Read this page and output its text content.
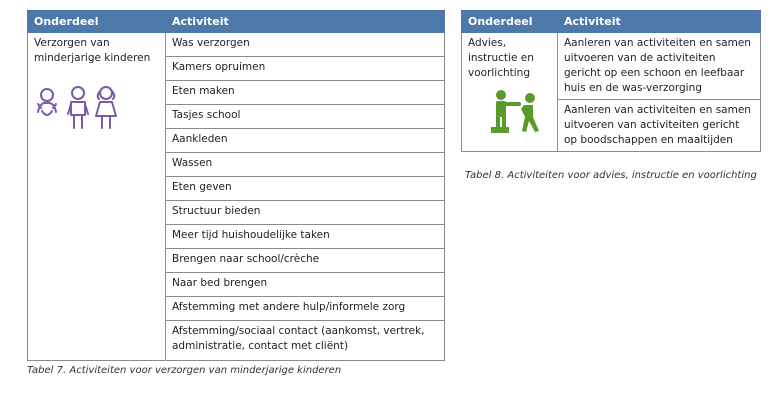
Onderdeel	Activiteit

Verzorgen van minderjarige kinderen	Was verzorgen
	Kamers opruimen
	Eten maken
	Tasjes school
	Aankleden
	Wassen
	Eten geven
	Structuur bieden
	Meer tijd huishoudelijke taken
	Brengen naar school/crèche
	Naar bed brengen
	Afstemming met andere hulp/informele zorg
	Afstemming/sociaal contact (aankomst, vertrek, administratie, contact met cliënt)
Tabel 7. Activiteiten voor verzorgen van minderjarige kinderen
Onderdeel	Activiteit

Advies, instructie en voorlichting	Aanleren van activiteiten en samen uitvoeren van de activiteiten gericht op een schoon en leefbaar huis en de was-verzorging
	Aanleren van activiteiten en samen uitvoeren van activiteiten gericht op boodschappen en maaltijden
Tabel 8. Activiteiten voor advies, instructie en voorlichting
